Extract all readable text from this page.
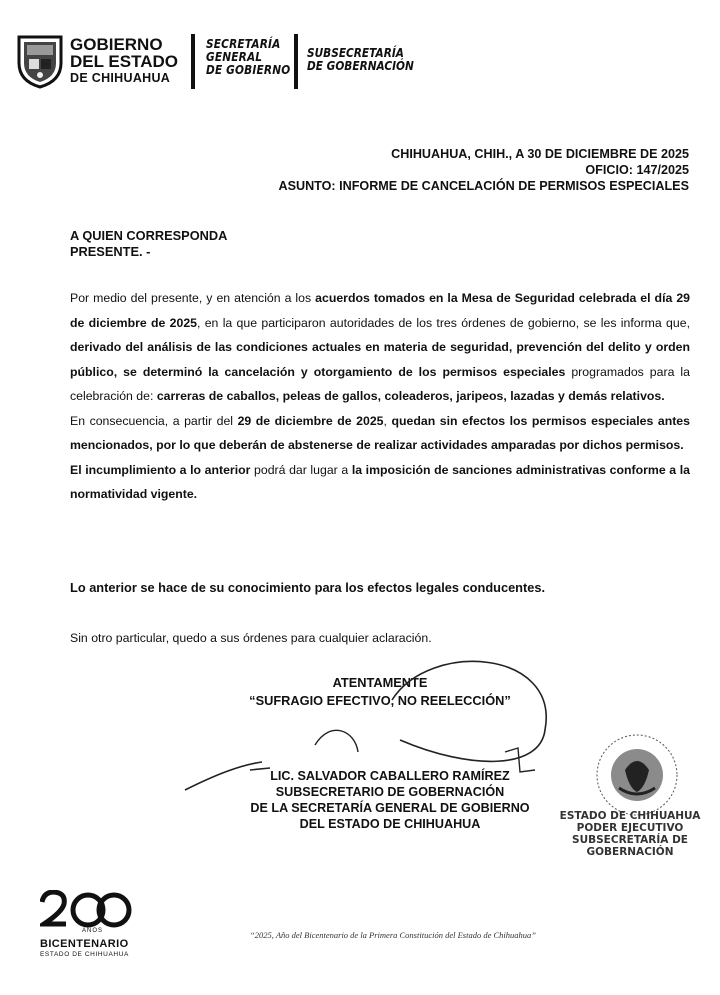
GOBIERNO
DEL ESTADO
DE CHIHUAHUA
SECRETARÍA
GENERAL
DE GOBIERNO
SUBSECRETARÍA
DE GOBERNACIÓN
CHIHUAHUA, CHIH., A 30 DE DICIEMBRE DE 2025
OFICIO: 147/2025
ASUNTO: INFORME DE CANCELACIÓN DE PERMISOS ESPECIALES
A QUIEN CORRESPONDA
PRESENTE. -
Por medio del presente, y en atención a los acuerdos tomados en la Mesa de Seguridad celebrada el día 29 de diciembre de 2025, en la que participaron autoridades de los tres órdenes de gobierno, se les informa que, derivado del análisis de las condiciones actuales en materia de seguridad, prevención del delito y orden público, se determinó la cancelación y otorgamiento de los permisos especiales programados para la celebración de: carreras de caballos, peleas de gallos, coleaderos, jaripeos, lazadas y demás relativos.
En consecuencia, a partir del 29 de diciembre de 2025, quedan sin efectos los permisos especiales antes mencionados, por lo que deberán de abstenerse de realizar actividades amparadas por dichos permisos.
El incumplimiento a lo anterior podrá dar lugar a la imposición de sanciones administrativas conforme a la normatividad vigente.
Lo anterior se hace de su conocimiento para los efectos legales conducentes.
Sin otro particular, quedo a sus órdenes para cualquier aclaración.
ATENTAMENTE
“SUFRAGIO EFECTIVO, NO REELECCIÓN”
LIC. SALVADOR CABALLERO RAMÍREZ
SUBSECRETARIO DE GOBERNACIÓN
DE LA SECRETARÍA GENERAL DE GOBIERNO
DEL ESTADO DE CHIHUAHUA
ESTADO DE CHIHUAHUA
PODER EJECUTIVO
SUBSECRETARÍA DE GOBERNACIÓN
AÑOS
BICENTENARIO
ESTADO DE CHIHUAHUA
“2025, Año del Bicentenario de la Primera Constitución del Estado de Chihuahua”
